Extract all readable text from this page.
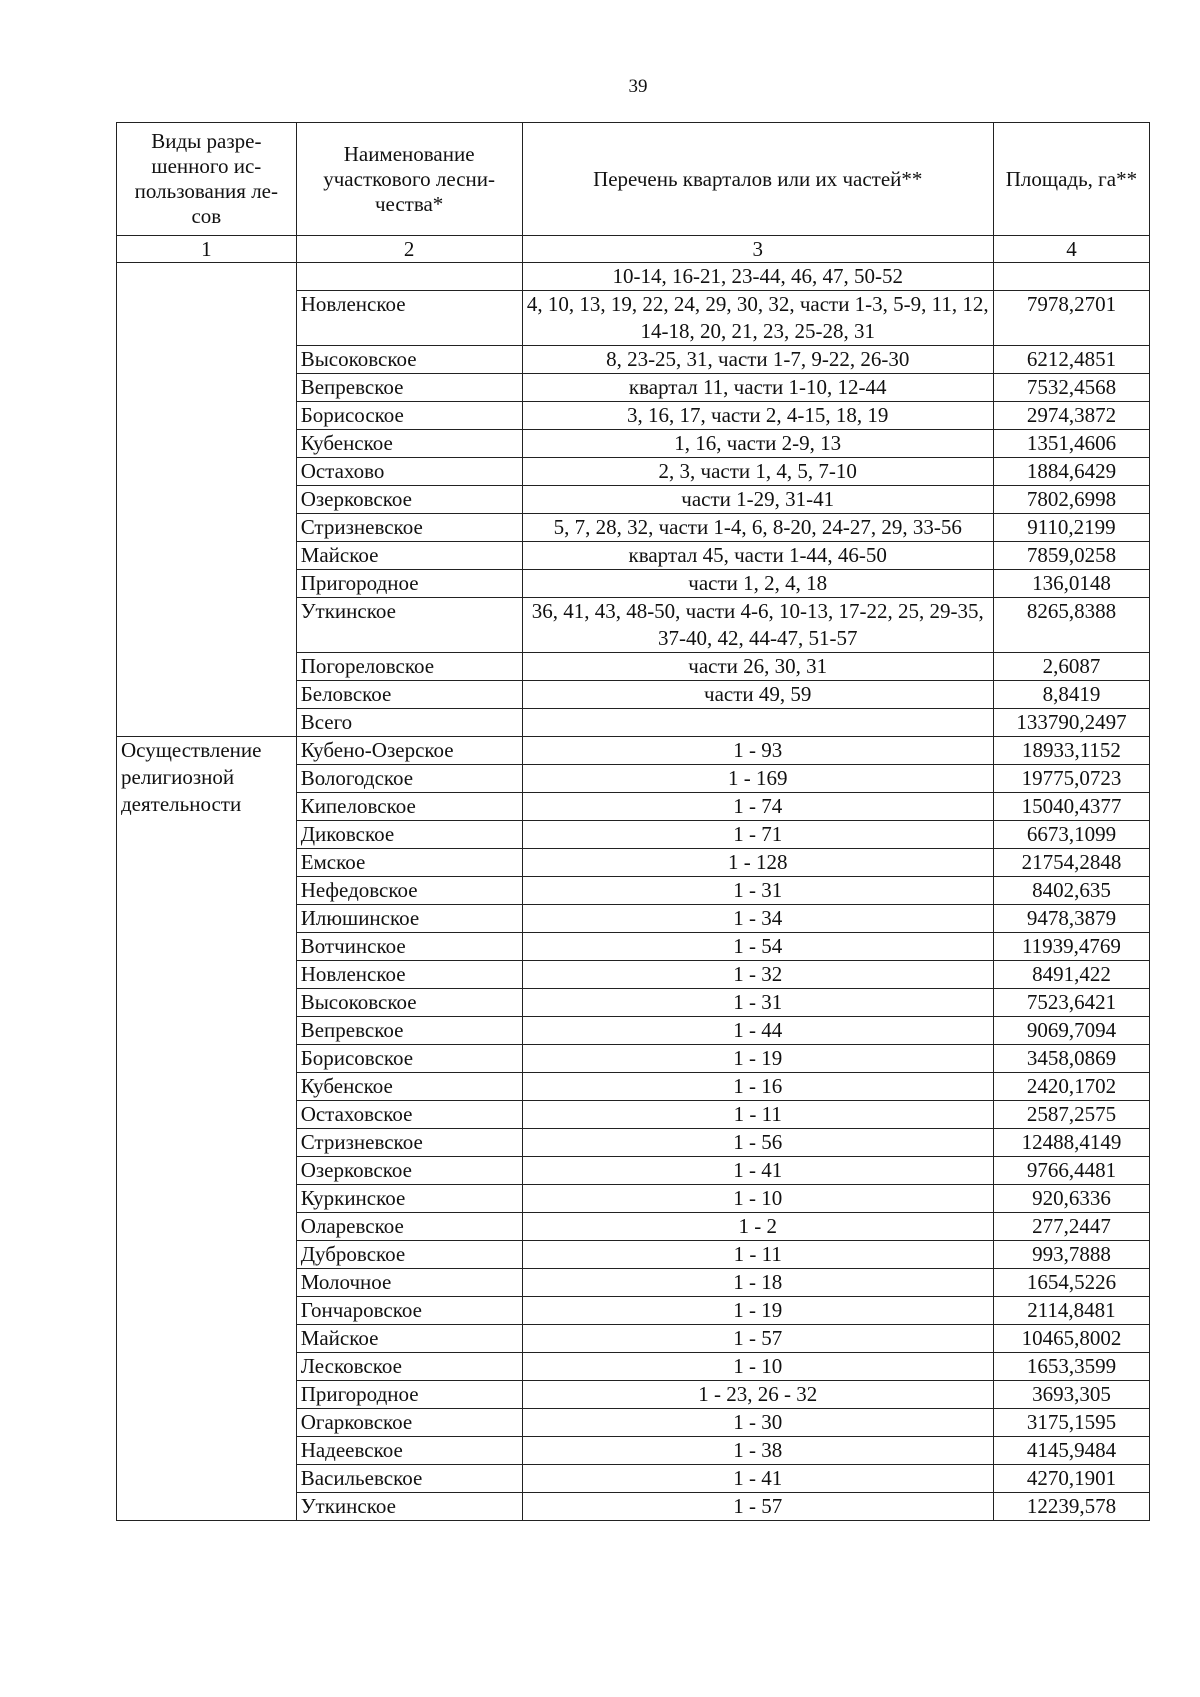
39
Виды разре-шенного ис-пользования ле-сов	Наименование участкового лесни-чества*	Перечень кварталов или их частей**	Площадь, га**
1	2	3	4
		10-14, 16-21, 23-44, 46, 47, 50-52	
	Новленское	4, 10, 13, 19, 22, 24, 29, 30, 32, части 1-3, 5-9, 11, 12, 14-18, 20, 21, 23, 25-28, 31	7978,2701
	Высоковское	8, 23-25, 31, части 1-7, 9-22, 26-30	6212,4851
	Вепревское	квартал 11, части 1-10, 12-44	7532,4568
	Борисоское	3, 16, 17, части 2, 4-15, 18, 19	2974,3872
	Кубенское	1, 16, части 2-9, 13	1351,4606
	Остахово	2, 3, части 1, 4, 5, 7-10	1884,6429
	Озерковское	части 1-29, 31-41	7802,6998
	Стризневское	5, 7, 28, 32, части 1-4, 6, 8-20, 24-27, 29, 33-56	9110,2199
	Майское	квартал 45, части 1-44, 46-50	7859,0258
	Пригородное	части 1, 2, 4, 18	136,0148
	Уткинское	36, 41, 43, 48-50, части 4-6, 10-13, 17-22, 25, 29-35, 37-40, 42, 44-47, 51-57	8265,8388
	Погореловское	части 26, 30, 31	2,6087
	Беловское	части 49, 59	8,8419
	Всего		133790,2497
Осуществление религиозной деятельности	Кубено-Озерское	1 - 93	18933,1152
	Вологодское	1 - 169	19775,0723
	Кипеловское	1 - 74	15040,4377
	Диковское	1 - 71	6673,1099
	Емское	1 - 128	21754,2848
	Нефедовское	1 - 31	8402,635
	Илюшинское	1 - 34	9478,3879
	Вотчинское	1 - 54	11939,4769
	Новленское	1 - 32	8491,422
	Высоковское	1 - 31	7523,6421
	Вепревское	1 - 44	9069,7094
	Борисовское	1 - 19	3458,0869
	Кубенское	1 - 16	2420,1702
	Остаховское	1 - 11	2587,2575
	Стризневское	1 - 56	12488,4149
	Озерковское	1 - 41	9766,4481
	Куркинское	1 - 10	920,6336
	Оларевское	1 - 2	277,2447
	Дубровское	1 - 11	993,7888
	Молочное	1 - 18	1654,5226
	Гончаровское	1 - 19	2114,8481
	Майское	1 - 57	10465,8002
	Лесковское	1 - 10	1653,3599
	Пригородное	1 - 23, 26 - 32	3693,305
	Огарковское	1 - 30	3175,1595
	Надеевское	1 - 38	4145,9484
	Васильевское	1 - 41	4270,1901
	Уткинское	1 - 57	12239,578
